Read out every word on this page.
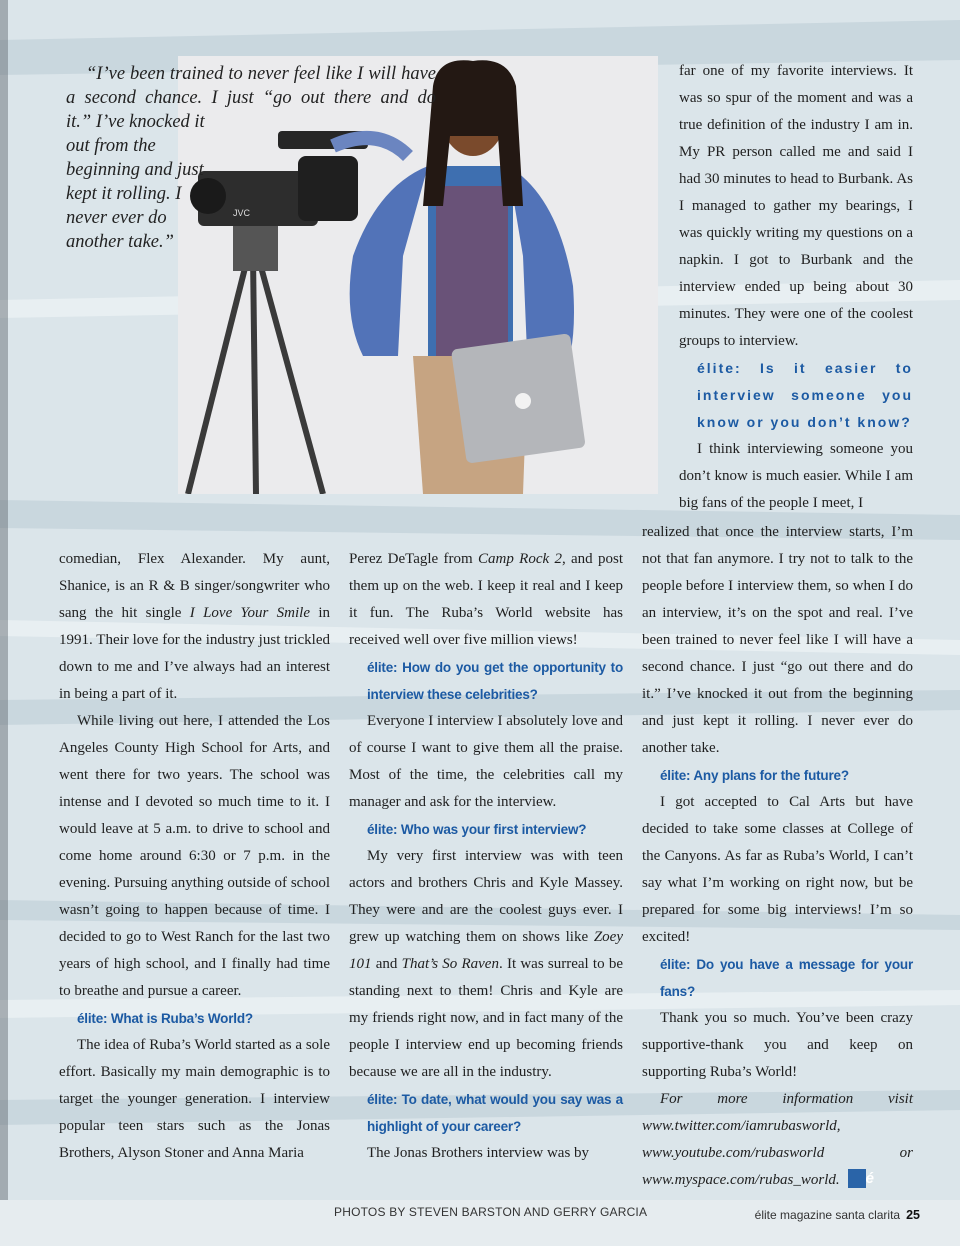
JVC
“I’ve been trained to never feel like I will have
a second chance. I just “go out there and do
it.” I’ve knocked it out from the beginning and just kept it rolling. I never ever do another take.”

far one of my favorite interviews. It was so spur of the moment and was a true definition of the industry I am in. My PR person called me and said I had 30 minutes to head to Burbank. As I managed to gather my bearings, I was quickly writing my questions on a napkin. I got to Burbank and the interview ended up being about 30 minutes. They were one of the coolest groups to interview.

élite: Is it easier to interview someone you know or you don’t know?

I think interviewing someone you don’t know is much easier. While I am big fans of the people I meet, I

comedian, Flex Alexander. My aunt, Shanice, is an R & B singer/songwriter who sang the hit single I Love Your Smile in 1991. Their love for the industry just trickled down to me and I’ve always had an interest in being a part of it.

While living out here, I attended the Los Angeles County High School for Arts, and went there for two years. The school was intense and I devoted so much time to it. I would leave at 5 a.m. to drive to school and come home around 6:30 or 7 p.m. in the evening. Pursuing anything outside of school wasn’t going to happen because of time. I decided to go to West Ranch for the last two years of high school, and I finally had time to breathe and pursue a career.

élite: What is Ruba’s World?

The idea of Ruba’s World started as a sole effort. Basically my main demographic is to target the younger generation. I interview popular teen stars such as the Jonas Brothers, Alyson Stoner and Anna Maria

Perez DeTagle from Camp Rock 2, and post them up on the web. I keep it real and I keep it fun. The Ruba’s World website has received well over five million views!

élite: How do you get the opportunity to interview these celebrities?

Everyone I interview I absolutely love and of course I want to give them all the praise. Most of the time, the celebrities call my manager and ask for the interview.

élite: Who was your first interview?

My very first interview was with teen actors and brothers Chris and Kyle Massey. They were and are the coolest guys ever. I grew up watching them on shows like Zoey 101 and That’s So Raven. It was surreal to be standing next to them! Chris and Kyle are my friends right now, and in fact many of the people I interview end up becoming friends because we are all in the industry.

élite: To date, what would you say was a highlight of your career?

The Jonas Brothers interview was by

realized that once the interview starts, I’m not that fan anymore. I try not to talk to the people before I interview them, so when I do an interview, it’s on the spot and real. I’ve been trained to never feel like I will have a second chance. I just “go out there and do it.” I’ve knocked it out from the beginning and just kept it rolling. I never ever do another take.

élite: Any plans for the future?

I got accepted to Cal Arts but have decided to take some classes at College of the Canyons. As far as Ruba’s World, I can’t say what I’m working on right now, but be prepared for some big interviews! I’m so excited!

élite: Do you have a message for your fans?

Thank you so much. You’ve been crazy supportive-thank you and keep on supporting Ruba’s World!

For more information visit www.twitter.com/iamrubasworld, www.youtube.com/rubasworld or www.myspace.com/rubas_world. é

PHOTOS BY STEVEN BARSTON AND GERRY GARCIA	élite magazine santa clarita 25
